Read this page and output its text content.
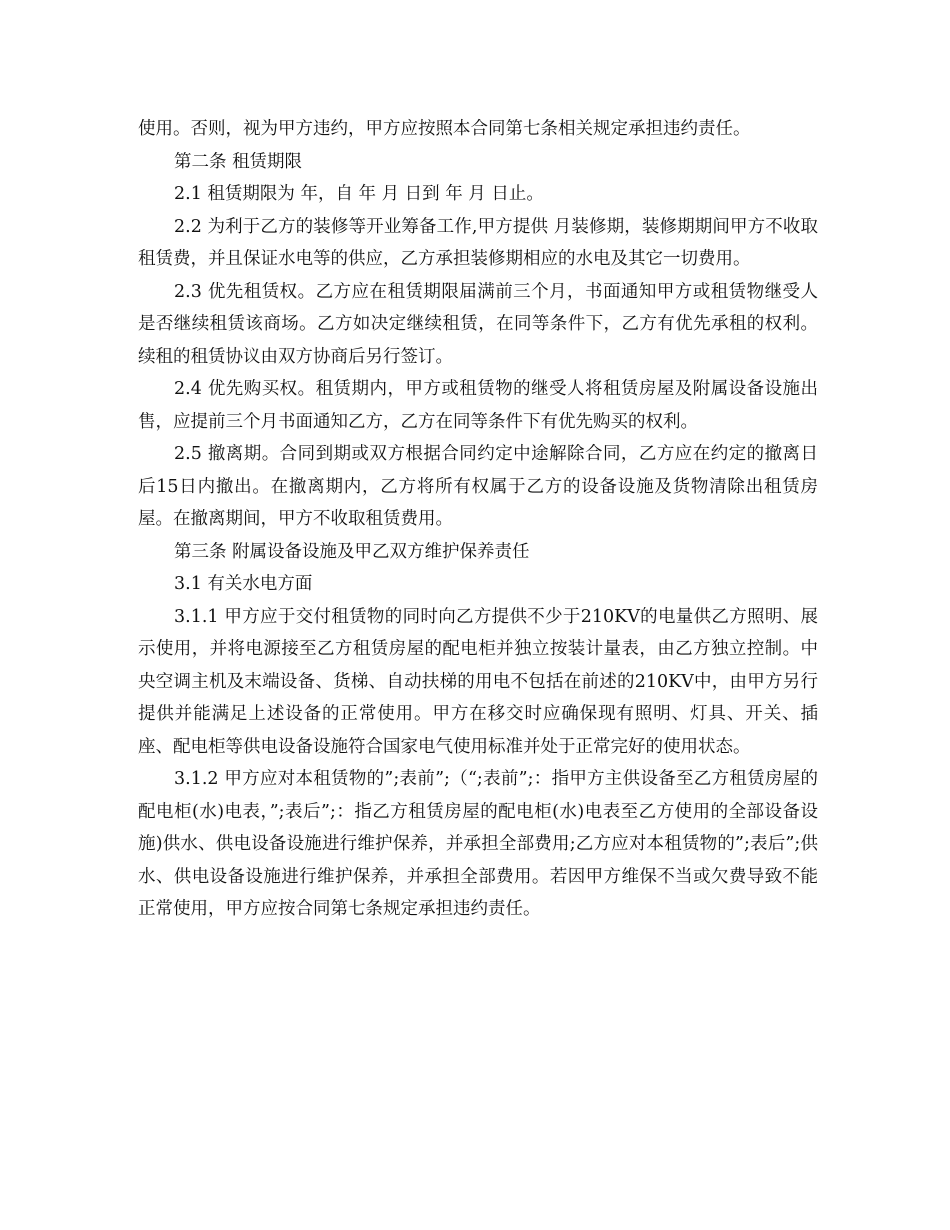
使用。否则，视为甲方违约，甲方应按照本合同第七条相关规定承担违约责任。

第二条 租赁期限

2.1 租赁期限为 年，自 年 月 日到 年 月 日止。

2.2 为利于乙方的装修等开业筹备工作,甲方提供 月装修期，装修期期间甲方不收取租赁费，并且保证水电等的供应，乙方承担装修期相应的水电及其它一切费用。

2.3 优先租赁权。乙方应在租赁期限届满前三个月，书面通知甲方或租赁物继受人是否继续租赁该商场。乙方如决定继续租赁，在同等条件下，乙方有优先承租的权利。续租的租赁协议由双方协商后另行签订。

2.4 优先购买权。租赁期内，甲方或租赁物的继受人将租赁房屋及附属设备设施出售，应提前三个月书面通知乙方，乙方在同等条件下有优先购买的权利。

2.5 撤离期。合同到期或双方根据合同约定中途解除合同，乙方应在约定的撤离日后15日内撤出。在撤离期内，乙方将所有权属于乙方的设备设施及货物清除出租赁房屋。在撤离期间，甲方不收取租赁费用。

第三条 附属设备设施及甲乙双方维护保养责任

3.1 有关水电方面

3.1.1 甲方应于交付租赁物的同时向乙方提供不少于210KV的电量供乙方照明、展示使用，并将电源接至乙方租赁房屋的配电柜并独立按装计量表，由乙方独立控制。中央空调主机及末端设备、货梯、自动扶梯的用电不包括在前述的210KV中，由甲方另行提供并能满足上述设备的正常使用。甲方在移交时应确保现有照明、灯具、开关、插座、配电柜等供电设备设施符合国家电气使用标准并处于正常完好的使用状态。

3.1.2 甲方应对本租赁物的”;表前”;（“;表前”;：指甲方主供设备至乙方租赁房屋的配电柜(水)电表，”;表后”;：指乙方租赁房屋的配电柜(水)电表至乙方使用的全部设备设施)供水、供电设备设施进行维护保养，并承担全部费用;乙方应对本租赁物的”;表后”;供水、供电设备设施进行维护保养，并承担全部费用。若因甲方维保不当或欠费导致不能正常使用，甲方应按合同第七条规定承担违约责任。
